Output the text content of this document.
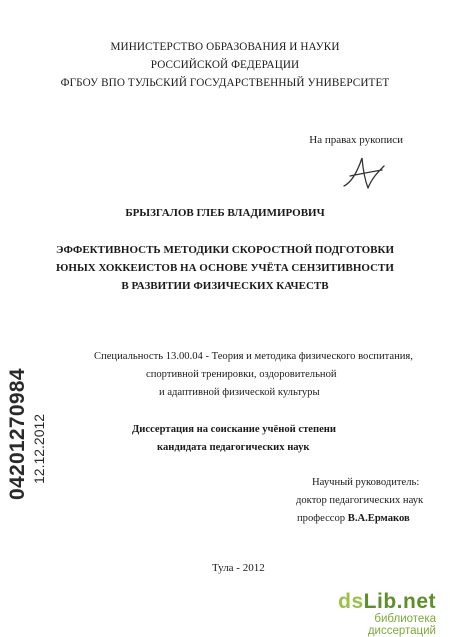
МИНИСТЕРСТВО ОБРАЗОВАНИЯ И НАУКИ
РОССИЙСКОЙ ФЕДЕРАЦИИ
ФГБОУ ВПО ТУЛЬСКИЙ ГОСУДАРСТВЕННЫЙ УНИВЕРСИТЕТ
На правах рукописи
БРЫЗГАЛОВ ГЛЕБ ВЛАДИМИРОВИЧ
ЭФФЕКТИВНОСТЬ МЕТОДИКИ СКОРОСТНОЙ ПОДГОТОВКИ
ЮНЫХ ХОККЕИСТОВ НА ОСНОВЕ УЧЁТА СЕНЗИТИВНОСТИ
В РАЗВИТИИ ФИЗИЧЕСКИХ КАЧЕСТВ
Специальность 13.00.04 - Теория и методика физического воспитания,
спортивной тренировки, оздоровительной
и адаптивной физической культуры
Диссертация на соискание учёной степени
кандидата педагогических наук
Научный руководитель:
доктор педагогических наук
профессор В.А.Ермаков
Тула - 2012
04201270984 12.12.2012
dsLib.net
библиотека диссертаций
